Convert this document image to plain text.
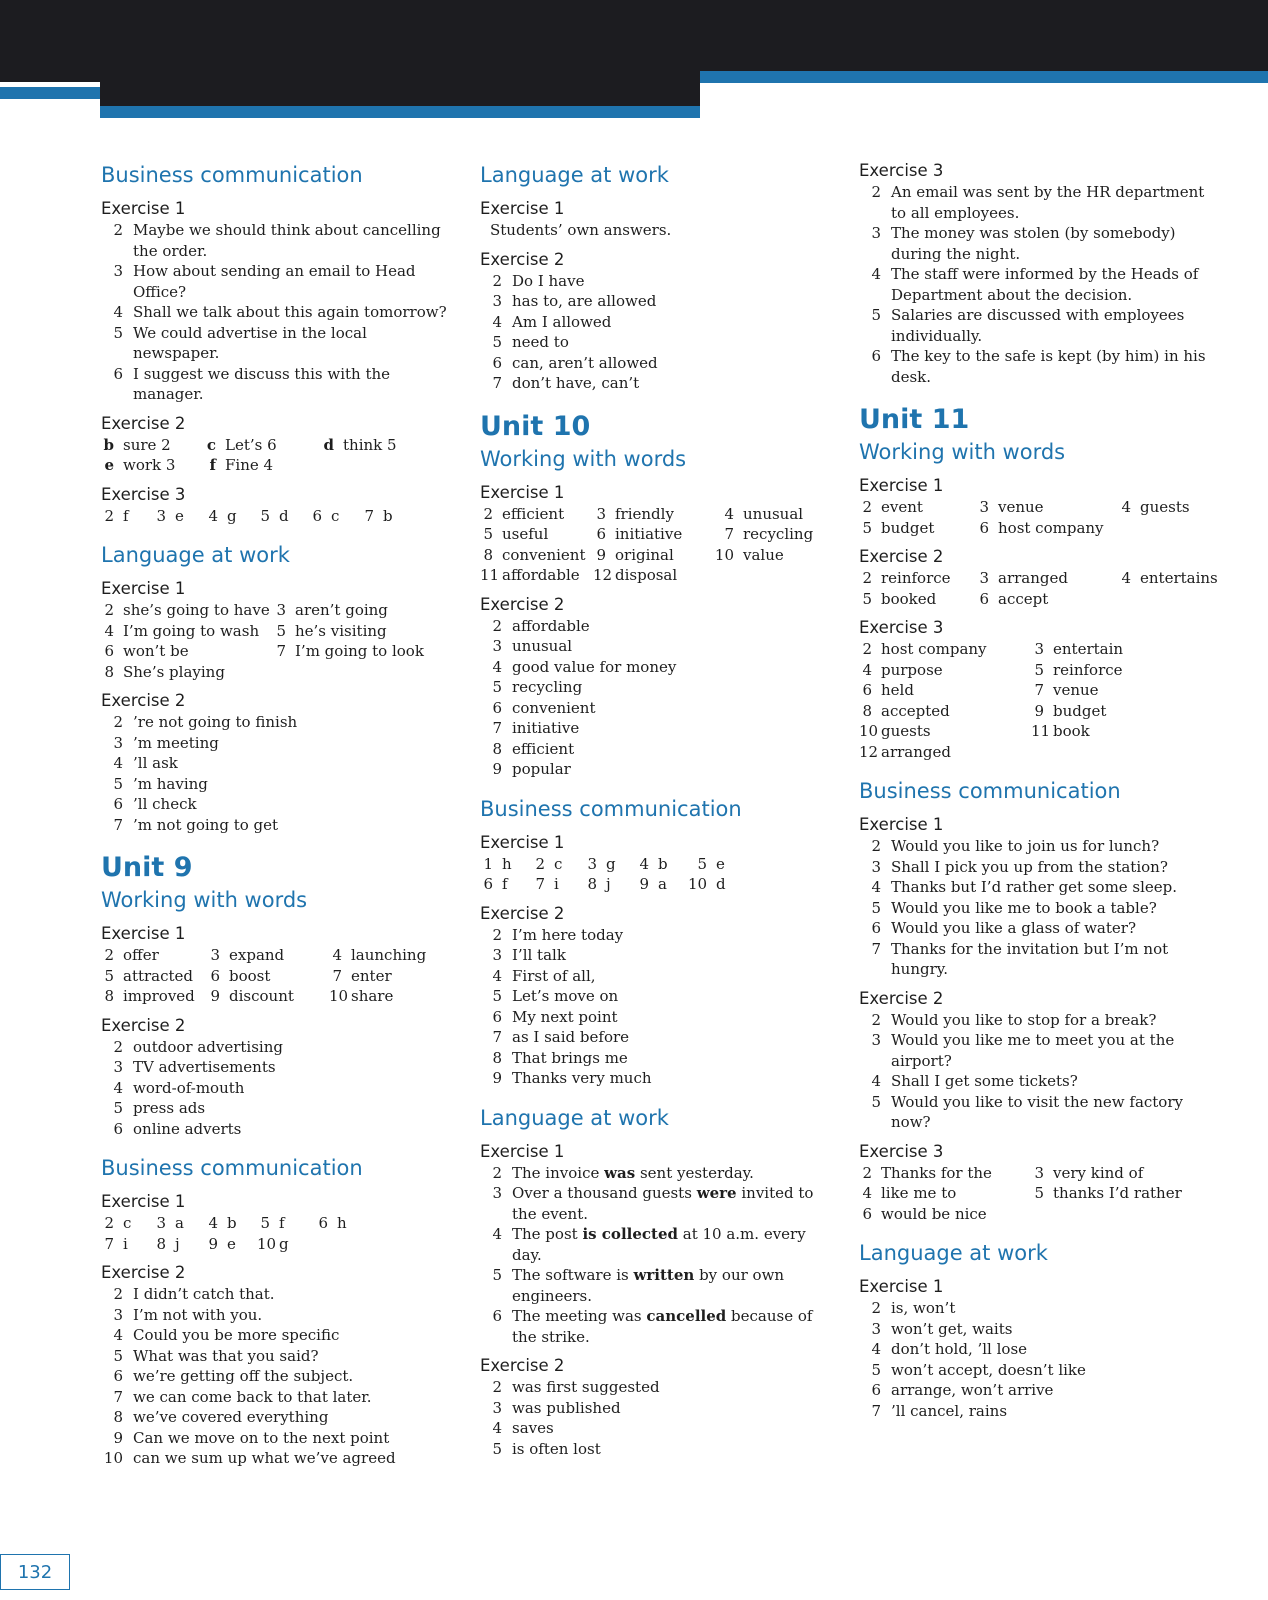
Business communication
Exercise 1
2 Maybe we should think about cancelling the order.
3 How about sending an email to Head Office?
4 Shall we talk about this again tomorrow?
5 We could advertise in the local newspaper.
6 I suggest we discuss this with the manager.
Exercise 2
b sure 2	c Let’s 6	d think 5
e work 3	f Fine 4
Exercise 3
2 f	3 e	4 g	5 d	6 c	7 b
Language at work
Exercise 1
2 she’s going to have 3 aren’t going
4 I’m going to wash	5 he’s visiting
6 won’t be	7 I’m going to look
8 She’s playing
Exercise 2
2 ’re not going to finish
3 ’m meeting
4 ’ll ask
5 ’m having
6 ’ll check
7 ’m not going to get
Unit 9
Working with words
Exercise 1
2 offer	3 expand	4 launching
5 attracted	6 boost	7 enter
8 improved	9 discount	10 share
Exercise 2
2 outdoor advertising
3 TV advertisements
4 word-of-mouth
5 press ads
6 online adverts
Business communication
Exercise 1
2 c	3 a	4 b	5 f	6 h
7 i	8 j	9 e	10 g
Exercise 2
2 I didn’t catch that.
3 I’m not with you.
4 Could you be more specific
5 What was that you said?
6 we’re getting off the subject.
7 we can come back to that later.
8 we’ve covered everything
9 Can we move on to the next point
10 can we sum up what we’ve agreed
Language at work
Exercise 1
Students’ own answers.
Exercise 2
2 Do I have
3 has to, are allowed
4 Am I allowed
5 need to
6 can, aren’t allowed
7 don’t have, can’t
Unit 10
Working with words
Exercise 1
2 efficient	3 friendly	4 unusual
5 useful	6 initiative	7 recycling
8 convenient 9 original	10 value
11 affordable 12 disposal
Exercise 2
2 affordable
3 unusual
4 good value for money
5 recycling
6 convenient
7 initiative
8 efficient
9 popular
Business communication
Exercise 1
1 h	2 c	3 g	4 b	5 e
6 f	7 i	8 j	9 a	10 d
Exercise 2
2 I’m here today
3 I’ll talk
4 First of all,
5 Let’s move on
6 My next point
7 as I said before
8 That brings me
9 Thanks very much
Language at work
Exercise 1
2 The invoice was sent yesterday.
3 Over a thousand guests were invited to the event.
4 The post is collected at 10 a.m. every day.
5 The software is written by our own engineers.
6 The meeting was cancelled because of the strike.
Exercise 2
2 was first suggested
3 was published
4 saves
5 is often lost
Exercise 3
2 An email was sent by the HR department to all employees.
3 The money was stolen (by somebody) during the night.
4 The staff were informed by the Heads of Department about the decision.
5 Salaries are discussed with employees individually.
6 The key to the safe is kept (by him) in his desk.
Unit 11
Working with words
Exercise 1
2 event	3 venue	4 guests
5 budget	6 host company
Exercise 2
2 reinforce	3 arranged	4 entertains
5 booked	6 accept
Exercise 3
2 host company	3 entertain
4 purpose	5 reinforce
6 held	7 venue
8 accepted	9 budget
10 guests	11 book
12 arranged
Business communication
Exercise 1
2 Would you like to join us for lunch?
3 Shall I pick you up from the station?
4 Thanks but I’d rather get some sleep.
5 Would you like me to book a table?
6 Would you like a glass of water?
7 Thanks for the invitation but I’m not hungry.
Exercise 2
2 Would you like to stop for a break?
3 Would you like me to meet you at the airport?
4 Shall I get some tickets?
5 Would you like to visit the new factory now?
Exercise 3
2 Thanks for the	3 very kind of
4 like me to	5 thanks I’d rather
6 would be nice
Language at work
Exercise 1
2 is, won’t
3 won’t get, waits
4 don’t hold, ’ll lose
5 won’t accept, doesn’t like
6 arrange, won’t arrive
7 ’ll cancel, rains
132
